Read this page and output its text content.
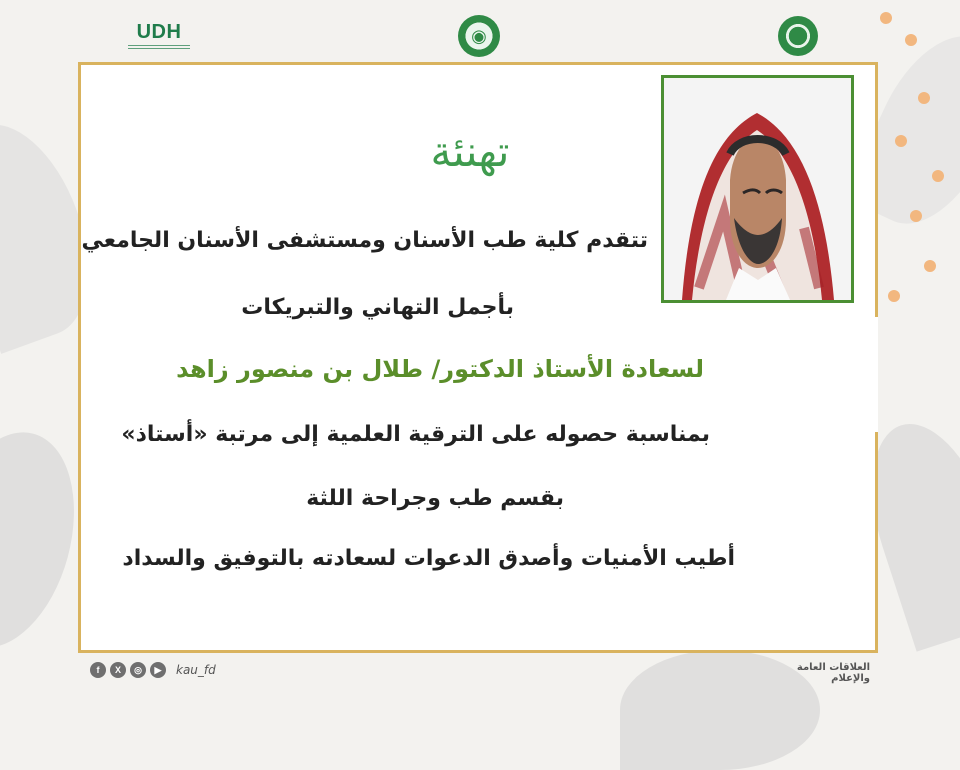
UDH	◉
تهنئة
تتقدم كلية طب الأسنان ومستشفى الأسنان الجامعي
بأجمل التهاني والتبريكات
لسعادة الأستاذ الدكتور/ طلال بن منصور زاهد
بمناسبة حصوله على الترقية العلمية إلى مرتبة «أستاذ»
بقسم طب وجراحة اللثة
أطيب الأمنيات وأصدق الدعوات لسعادته بالتوفيق والسداد
f	X	◎	▶	kau_fd	العلاقات العامة والإعلام
